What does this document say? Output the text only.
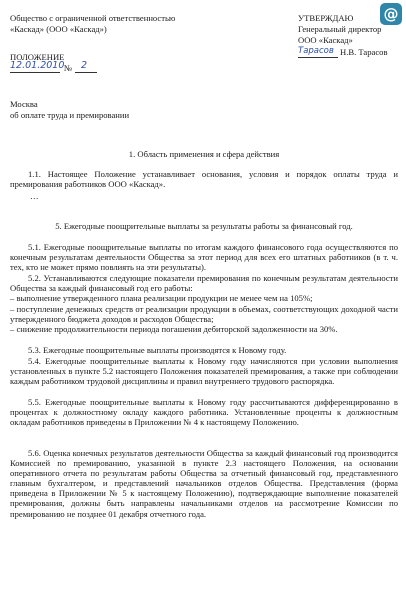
@
Общество с ограниченной ответственностью
«Каскад» (ООО «Каскад»)
ПОЛОЖЕНИЕ
12.01.2010 № 2
Москва
об оплате труда и премировании
УТВЕРЖДАЮ
Генеральный директор
ООО «Каскад»
Тарасов Н.В. Тарасов
1. Область применения и сфера действия
1.1. Настоящее Положение устанавливает основания, условия и порядок оплаты труда и премирования работников ООО «Каскад».
…
5. Ежегодные поощрительные выплаты за результаты работы за финансовый год.
5.1. Ежегодные поощрительные выплаты по итогам каждого финансового года осуществляются по конечным результатам деятельности Общества за этот период для всех его штатных работников (в т. ч. тех, кто не может прямо повлиять на эти результаты).
5.2. Устанавливаются следующие показатели премирования по конечным результатам деятельности Общества за каждый финансовый год его работы:
– выполнение утвержденного плана реализации продукции не менее чем на 105%;
– поступление денежных средств от реализации продукции в объемах, соответствующих доходной части утвержденного бюджета доходов и расходов Общества;
– снижение продолжительности периода погашения дебиторской задолженности на 30%.
5.3. Ежегодные поощрительные выплаты производятся к Новому году.
5.4. Ежегодные поощрительные выплаты к Новому году начисляются при условии выполнения установленных в пункте 5.2 настоящего Положения показателей премирования, а также при соблюдении каждым работником трудовой дисциплины и правил внутреннего трудового распорядка.
5.5. Ежегодные поощрительные выплаты к Новому году рассчитываются дифференцированно в процентах к должностному окладу каждого работника. Установленные проценты к должностным окладам работников приведены в Приложении № 4 к настоящему Положению.
5.6. Оценка конечных результатов деятельности Общества за каждый финансовый год производится Комиссией по премированию, указанной в пункте 2.3 настоящего Положения, на основании оперативного отчета по результатам работы Общества за отчетный финансовый год, представленного главным бухгалтером, и представлений начальников отделов Общества. Представления (форма приведена в Приложении № 5 к настоящему Положению), подтверждающие выполнение показателей премирования, должны быть направлены начальниками отделов на рассмотрение Комиссии по премированию не позднее 01 декабря отчетного года.
